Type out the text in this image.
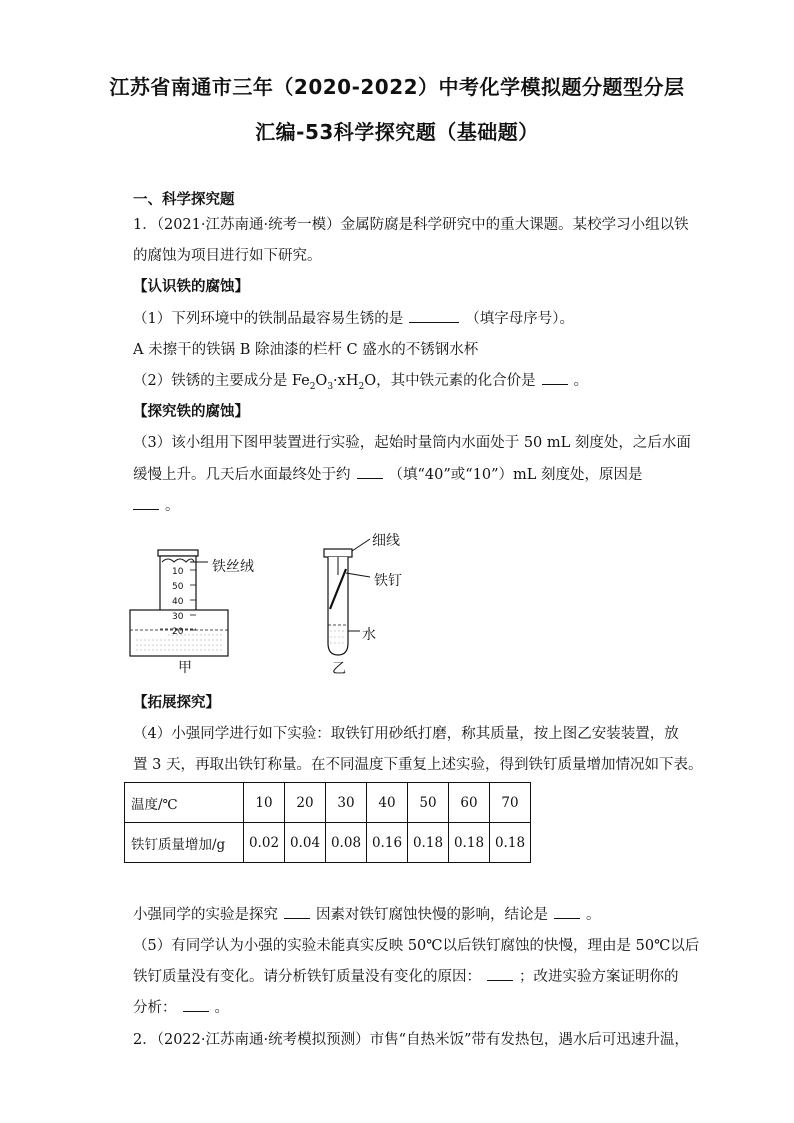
江苏省南通市三年（2020-2022）中考化学模拟题分题型分层
汇编-53科学探究题（基础题）
一、科学探究题
1．（2021·江苏南通·统考一模）金属防腐是科学研究中的重大课题。某校学习小组以铁
的腐蚀为项目进行如下研究。
【认识铁的腐蚀】
（1）下列环境中的铁制品最容易生锈的是	（填字母序号）。
A 未擦干的铁锅 B 除油漆的栏杆 C 盛水的不锈钢水杯
（2）铁锈的主要成分是 $Fe_2O_3\cdot xH_2O$，其中铁元素的化合价是	。
【探究铁的腐蚀】
（3）该小组用下图甲装置进行实验，起始时量筒内水面处于 50 mL 刻度处，之后水面
缓慢上升。几天后水面最终处于约	（填“40”或“10”）mL 刻度处，原因是
。
10
50
40
30
20
甲
铁丝绒
乙
细线
铁钉
水
【拓展探究】
（4）小强同学进行如下实验：取铁钉用砂纸打磨，称其质量，按上图乙安装装置，放
置 3 天，再取出铁钉称量。在不同温度下重复上述实验，得到铁钉质量增加情况如下表。
温度/℃	10	20	30	40	50	60	70
铁钉质量增加/g	0.02	0.04	0.08	0.16	0.18	0.18	0.18
小强同学的实验是探究	因素对铁钉腐蚀快慢的影响，结论是	。
（5）有同学认为小强的实验未能真实反映 50℃以后铁钉腐蚀的快慢，理由是 50℃以后
铁钉质量没有变化。请分析铁钉质量没有变化的原因：	；改进实验方案证明你的
分析：	。
2．（2022·江苏南通·统考模拟预测）市售“自热米饭”带有发热包，遇水后可迅速升温，
